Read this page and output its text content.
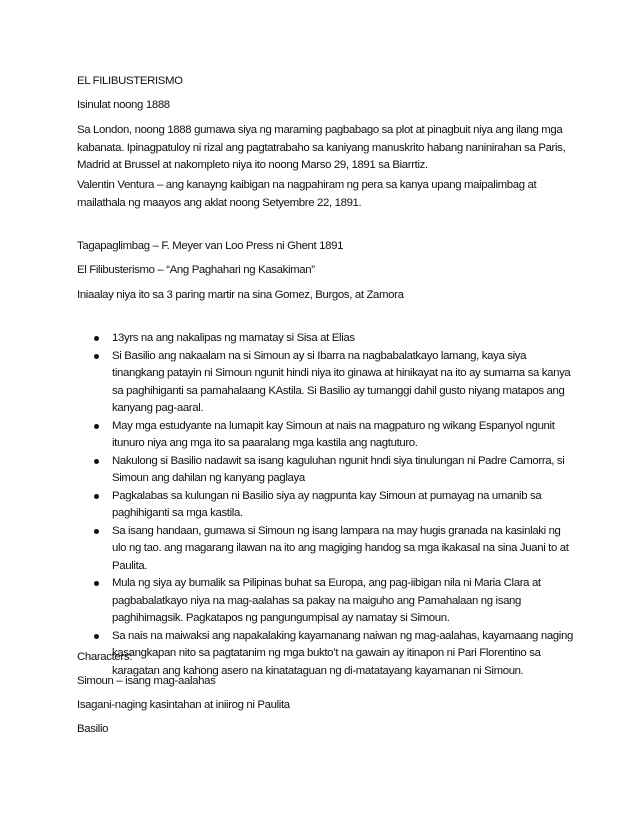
EL FILIBUSTERISMO

Isinulat noong 1888

Sa London, noong 1888 gumawa siya ng maraming pagbabago sa plot at pinagbuit niya ang ilang mga kabanata. Ipinagpatuloy ni rizal ang pagtatrabaho sa kaniyang manuskrito habang naninirahan sa Paris, Madrid at Brussel at nakompleto niya ito noong Marso 29, 1891 sa Biarrtiz.

Valentin Ventura – ang kanayng kaibigan na nagpahiram ng pera sa kanya upang maipalimbag at mailathala ng maayos ang aklat noong Setyembre 22, 1891.

Tagapaglimbag – F. Meyer van Loo Press ni Ghent 1891

El Filibusterismo – “Ang Paghahari ng Kasakiman”

Iniaalay niya ito sa 3 paring martir na sina Gomez, Burgos, at Zamora

13yrs na ang nakalipas ng mamatay si Sisa at Elias
Si Basilio ang nakaalam na si Simoun ay si Ibarra na nagbabalatkayo lamang, kaya siya tinangkang patayin ni Simoun ngunit hindi niya ito ginawa at hinikayat na ito ay sumama sa kanya sa paghihiganti sa pamahalaang KAstila. Si Basilio ay tumanggi dahil gusto niyang matapos ang kanyang pag-aaral.
May mga estudyante na lumapit kay Simoun at nais na magpaturo ng wikang Espanyol ngunit itunuro niya ang mga ito sa paaralang mga kastila ang nagtuturo.
Nakulong si Basilio nadawit sa isang kaguluhan ngunit hndi siya tinulungan ni Padre Camorra, si Simoun ang dahilan ng kanyang paglaya
Pagkalabas sa kulungan ni Basilio siya ay nagpunta kay Simoun at pumayag na umanib sa paghihiganti sa mga kastila.
Sa isang handaan, gumawa si Simoun ng isang lampara na may hugis granada na kasinlaki ng ulo ng tao. ang magarang ilawan na ito ang magiging handog sa mga ikakasal na sina Juani to at Paulita.
Mula ng siya ay bumalik sa Pilipinas buhat sa Europa, ang pag-iibigan nila ni Maria Clara at pagbabalatkayo niya na mag-aalahas sa pakay na maiguho ang Pamahalaan ng isang paghihimagsik. Pagkatapos ng pangungumpisal ay namatay si Simoun.
Sa nais na maiwaksi ang napakalaking kayamanang naiwan ng mag-aalahas, kayamaang naging kasangkapan nito sa pagtatanim ng mga bukto’t na gawain ay itinapon ni Pari Florentino sa karagatan ang kahong asero na kinatataguan ng di-matatayang kayamanan ni Simoun.

Characters:

Simoun – isang mag-aalahas

Isagani-naging kasintahan at iniirog ni Paulita

Basilio
